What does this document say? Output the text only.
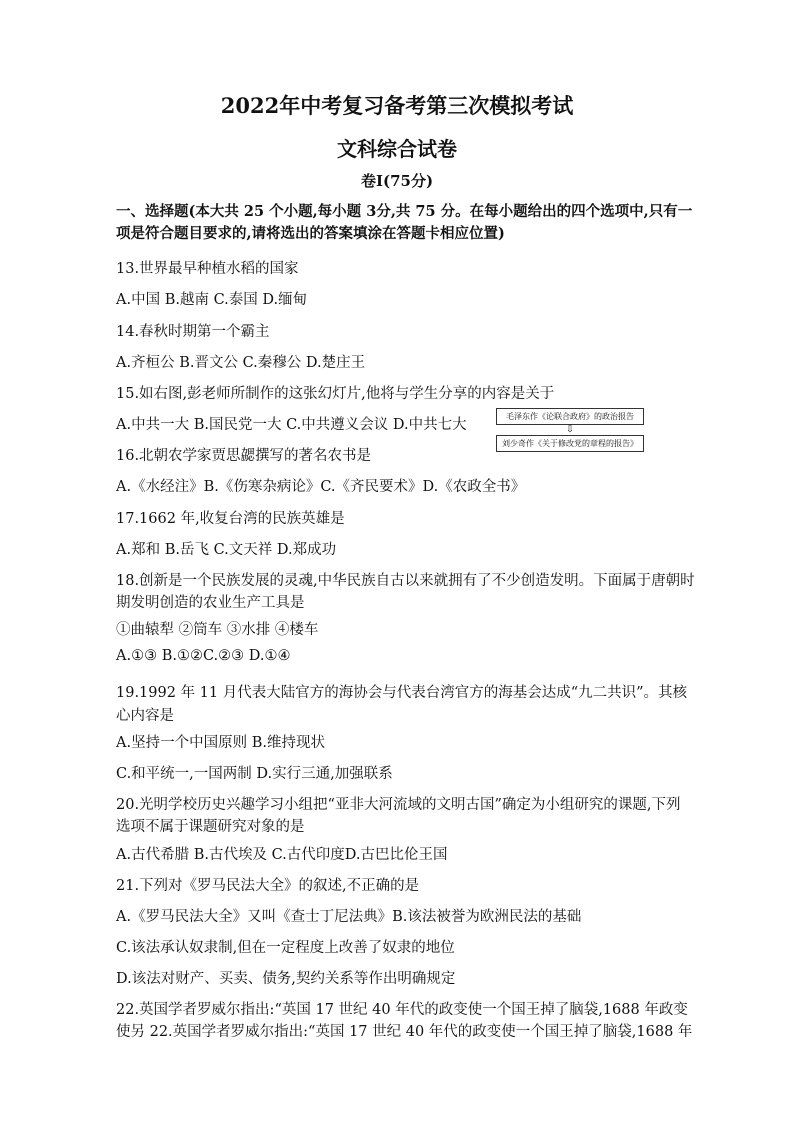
2022年中考复习备考第三次模拟考试
文科综合试卷
卷Ⅰ(75分)
一、选择题(本大共 25 个小题,每小题 3分,共 75 分。在每小题给出的四个选项中,只有一
项是符合题目要求的,请将选出的答案填涂在答题卡相应位置)
13.世界最早种植水稻的国家
A.中国 B.越南 C.泰国 D.缅甸
14.春秋时期第一个霸主
A.齐桓公 B.晋文公 C.秦穆公 D.楚庄王
15.如右图,彭老师所制作的这张幻灯片,他将与学生分享的内容是关于
A.中共一大 B.国民党一大 C.中共遵义会议 D.中共七大
毛泽东作《论联合政府》的政治报告
⇩
刘少奇作《关于修改党的章程的报告》
16.北朝农学家贾思勰撰写的著名农书是
A.《水经注》B.《伤寒杂病论》C.《齐民要术》D.《农政全书》
17.1662 年,收复台湾的民族英雄是
A.郑和 B.岳飞 C.文天祥 D.郑成功
18.创新是一个民族发展的灵魂,中华民族自古以来就拥有了不少创造发明。下面属于唐朝时
期发明创造的农业生产工具是
①曲辕犁 ②筒车 ③水排 ④楼车
A.①③ B.①②C.②③ D.①④
19.1992 年 11 月代表大陆官方的海协会与代表台湾官方的海基会达成“九二共识”。其核
心内容是
A.坚持一个中国原则 B.维持现状
C.和平统一,一国两制 D.实行三通,加强联系
20.光明学校历史兴趣学习小组把“亚非大河流域的文明古国”确定为小组研究的课题,下列
选项不属于课题研究对象的是
A.古代希腊 B.古代埃及 C.古代印度D.古巴比伦王国
21.下列对《罗马民法大全》的叙述,不正确的是
A.《罗马民法大全》又叫《查士丁尼法典》B.该法被誉为欧洲民法的基础
C.该法承认奴隶制,但在一定程度上改善了奴隶的地位
D.该法对财产、买卖、债务,契约关系等作出明确规定
22.英国学者罗威尔指出:“英国 17 世纪 40 年代的政变使一个国王掉了脑袋,1688 年政变
使另 22.英国学者罗威尔指出:“英国 17 世纪 40 年代的政变使一个国王掉了脑袋,1688 年
